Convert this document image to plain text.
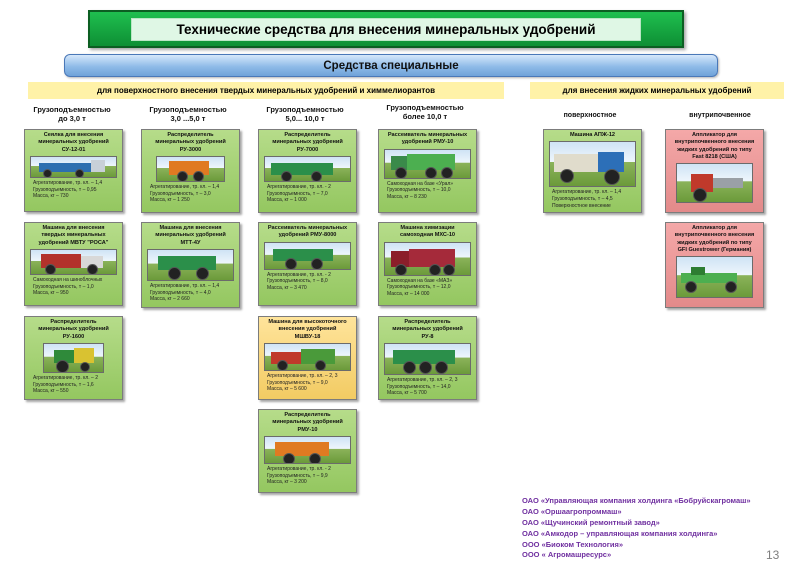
Технические средства для внесения минеральных удобрений
Средства специальные
для поверхностного внесения твердых минеральных удобрений и химмелиорантов	для внесения жидких минеральных удобрений
Грузоподъемностью
до 3,0 т
Грузоподъемностью
3,0 ...5,0 т
Грузоподъемностью
5,0... 10,0 т
Грузоподъемностью
более 10,0 т	поверхностное	внутрипочвенное
Сеялка для внесения
минеральных удобрений
СУ-12-01
Агрегатирование, тр. кл. – 1,4
Грузоподъемность, т – 0,95
Масса, кг – 730
Машина для внесения
твердых минеральных
удобрений МВТУ "РОСА"
Самоходная на шиноблочных
Грузоподъемность, т – 1,0
Масса, кг – 950
Распределитель
минеральных удобрений
РУ-1600
Агрегатирование, тр. кл. – 2
Грузоподъемность, т – 1,6
Масса, кг – 550
Распределитель
минеральных удобрений
РУ-3000
Агрегатирование, тр. кл. – 1,4
Грузоподъемность, т – 3,0
Масса, кг – 1 250
Машина для внесения
минеральных удобрений
МТТ-4У
Агрегатирование, тр. кл. – 1,4
Грузоподъемность, т – 4,0
Масса, кг – 2 660
Распределитель
минеральных удобрений
РУ-7000
Агрегатирование, тр. кл. - 2
Грузоподъемность, т – 7,0
Масса, кг – 1 000
Рассеиватель минеральных
удобрений РМУ-8000
Агрегатирование, тр. кл. - 2
Грузоподъемность, т – 8,0
Масса, кг – 3 470
Машина для высокоточного
внесения удобрений
МШВУ-18
Агрегатирование, тр. кл. – 2, 3
Грузоподъемность, т – 9,0
Масса, кг – 5 600
Распределитель
минеральных удобрений
РМУ-10
Агрегатирование, тр. кл. - 2
Грузоподъемность, т – 9,9
Масса, кг – 3 200
Рассеиватель минеральных
удобрений РМУ-10
Самоходная на базе «Урал»
Грузоподъемность, т – 10,0
Масса, кг – 8 230
Машина химизации
самоходная МХС-10
Самоходная на базе «МАЗ»
Грузоподъемность, т – 12,0
Масса, кг – 14 000
Распределитель
минеральных удобрений
РУ-8
Агрегатирование, тр. кл. – 2, 3
Грузоподъемность, т – 14,0
Масса, кг – 5 700
Машина АПЖ-12
Агрегатирование, тр. кл. – 1,4
Грузоподъемность, т – 4,5
Поверхностное внесение
Аппликатор для
внутрипочвенного внесения
жидких удобрений по типу
Fast 8218 (США)
Аппликатор для
внутрипочвенного внесения
жидких удобрений по типу
GFI Guestrower (Германия)
ОАО «Управляющая компания холдинга «Бобруйскагромаш»
ОАО «Оршаагропроммаш»
ОАО «Щучинский ремонтный завод»
ОАО «Амкодор – управляющая компания холдинга»
ООО «Биоком Технология»
ООО « Агромашресурс»	13
